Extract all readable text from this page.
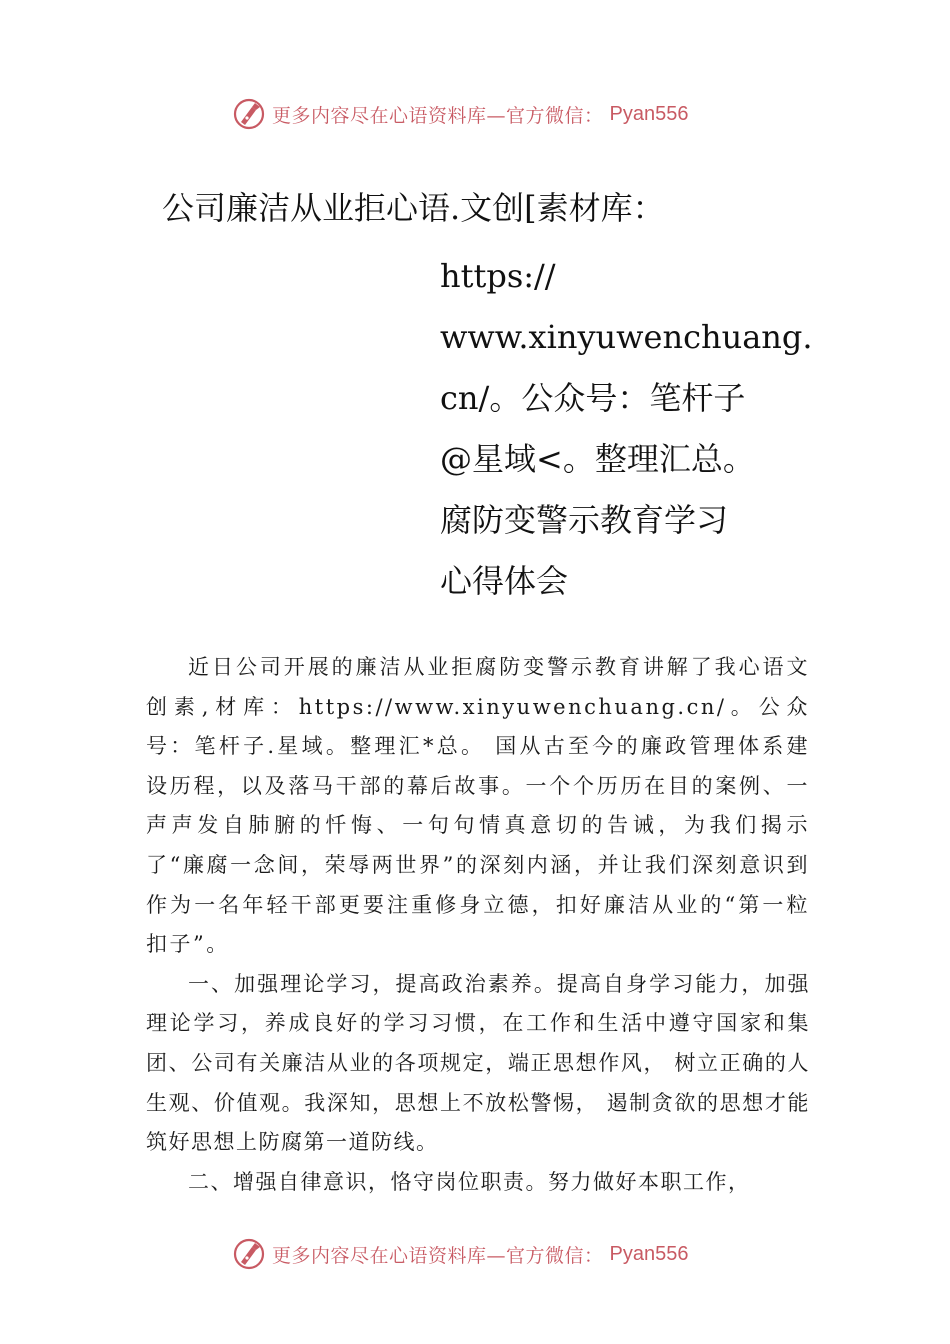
更多内容尽在心语资料库—官方微信： Pyan556
公司廉洁从业拒心语.文创[素材库：
https://
www.xinyuwenchuang.
cn/。公众号：笔杆子
@星域<。整理汇总。
腐防变警示教育学习
心得体会

近日公司开展的廉洁从业拒腐防变警示教育讲解了我心语文创素,材库：https://www.xinyuwenchuang.cn/。公众号：笔杆子.星域。整理汇*总。 国从古至今的廉政管理体系建设历程，以及落马干部的幕后故事。一个个历历在目的案例、一声声发自肺腑的忏悔、一句句情真意切的告诫，为我们揭示了“廉腐一念间，荣辱两世界”的深刻内涵，并让我们深刻意识到作为一名年轻干部更要注重修身立德，扣好廉洁从业的“第一粒扣子”。

一、加强理论学习，提高政治素养。提高自身学习能力，加强理论学习，养成良好的学习习惯，在工作和生活中遵守国家和集团、公司有关廉洁从业的各项规定，端正思想作风， 树立正确的人生观、价值观。我深知，思想上不放松警惕， 遏制贪欲的思想才能筑好思想上防腐第一道防线。

二、增强自律意识，恪守岗位职责。努力做好本职工作，

更多内容尽在心语资料库—官方微信： Pyan556
